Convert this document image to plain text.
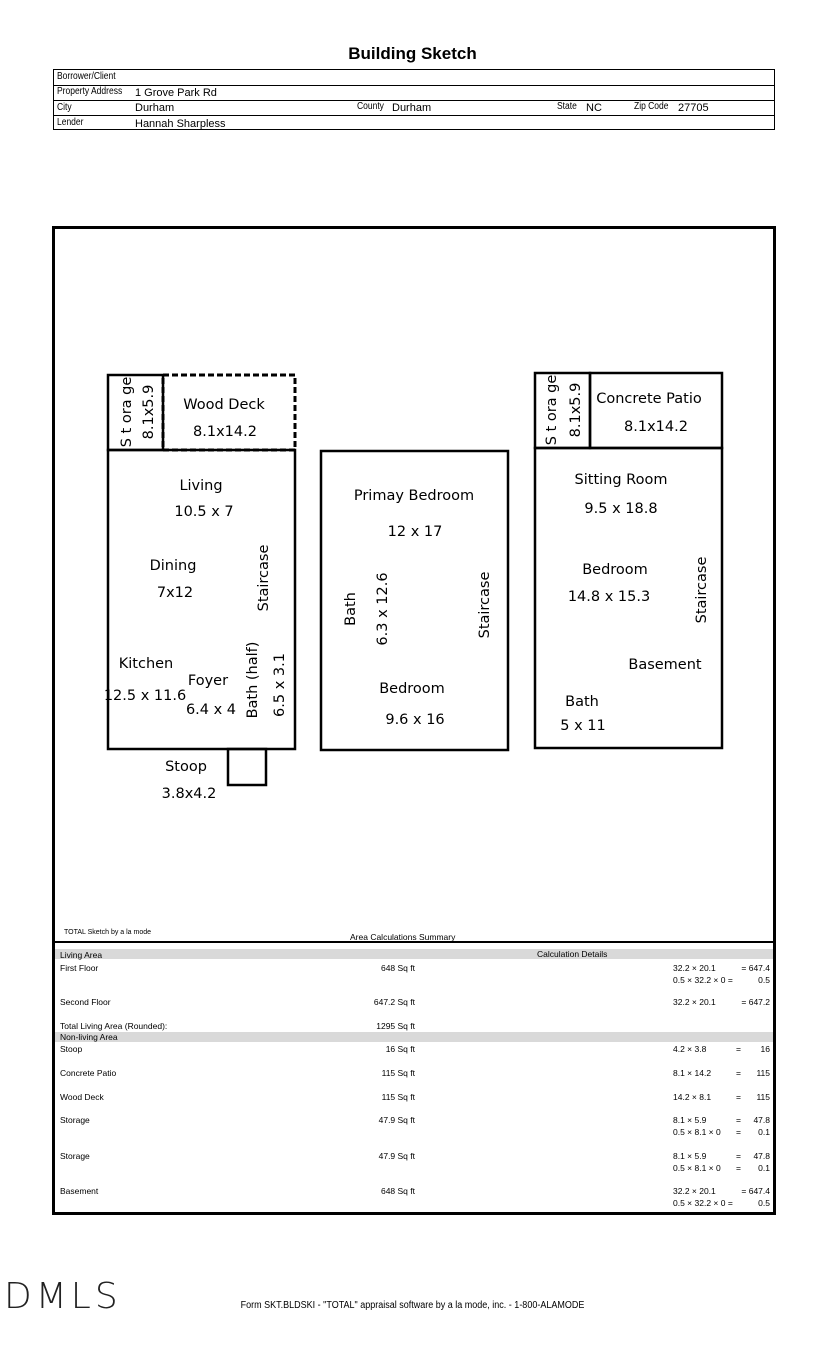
Building Sketch
Borrower/Client
Property Address 1 Grove Park Rd
City	Durham	County Durham	State NC	Zip Code 27705
Lender	Hannah Sharpless
S t ora ge 8.1x5.9 Wood Deck
8.1x14.2
Living
10.5 x 7
Dining
7x12	Staircase
Kitchen
12.5 x 11.6
Foyer
6.4 x 4 Bath (half) 6.5 x 3.1
Stoop
3.8x4.2
Primay Bedroom
12 x 17
Bath 6.3 x 12.6	Staircase
Bedroom
9.6 x 16
S t ora ge 8.1x5.9 Concrete Patio
8.1x14.2
Sitting Room
9.5 x 18.8
Bedroom
14.8 x 15.3	Staircase
Basement
Bath
5 x 11
TOTAL Sketch by a la mode	Area Calculations Summary
Living Area	Calculation Details
Non-living Area
First Floor	648 Sq ft	32.2 × 20.1	= 647.4
0.5 × 32.2 × 0 =	0.5
Second Floor	647.2 Sq ft	32.2 × 20.1	= 647.2
Total Living Area (Rounded):	1295 Sq ft
Stoop	16 Sq ft	4.2 × 3.8	=	16
Concrete Patio	115 Sq ft	8.1 × 14.2	=	115
Wood Deck	115 Sq ft	14.2 × 8.1	=	115
Storage	47.9 Sq ft	8.1 × 5.9	=	47.8
0.5 × 8.1 × 0 =	0.1
Storage	47.9 Sq ft	8.1 × 5.9	=	47.8
0.5 × 8.1 × 0 =	0.1
Basement	648 Sq ft	32.2 × 20.1	= 647.4
0.5 × 32.2 × 0 =	0.5
Form SKT.BLDSKI - "TOTAL" appraisal software by a la mode, inc. - 1-800-ALAMODE
DMLS
